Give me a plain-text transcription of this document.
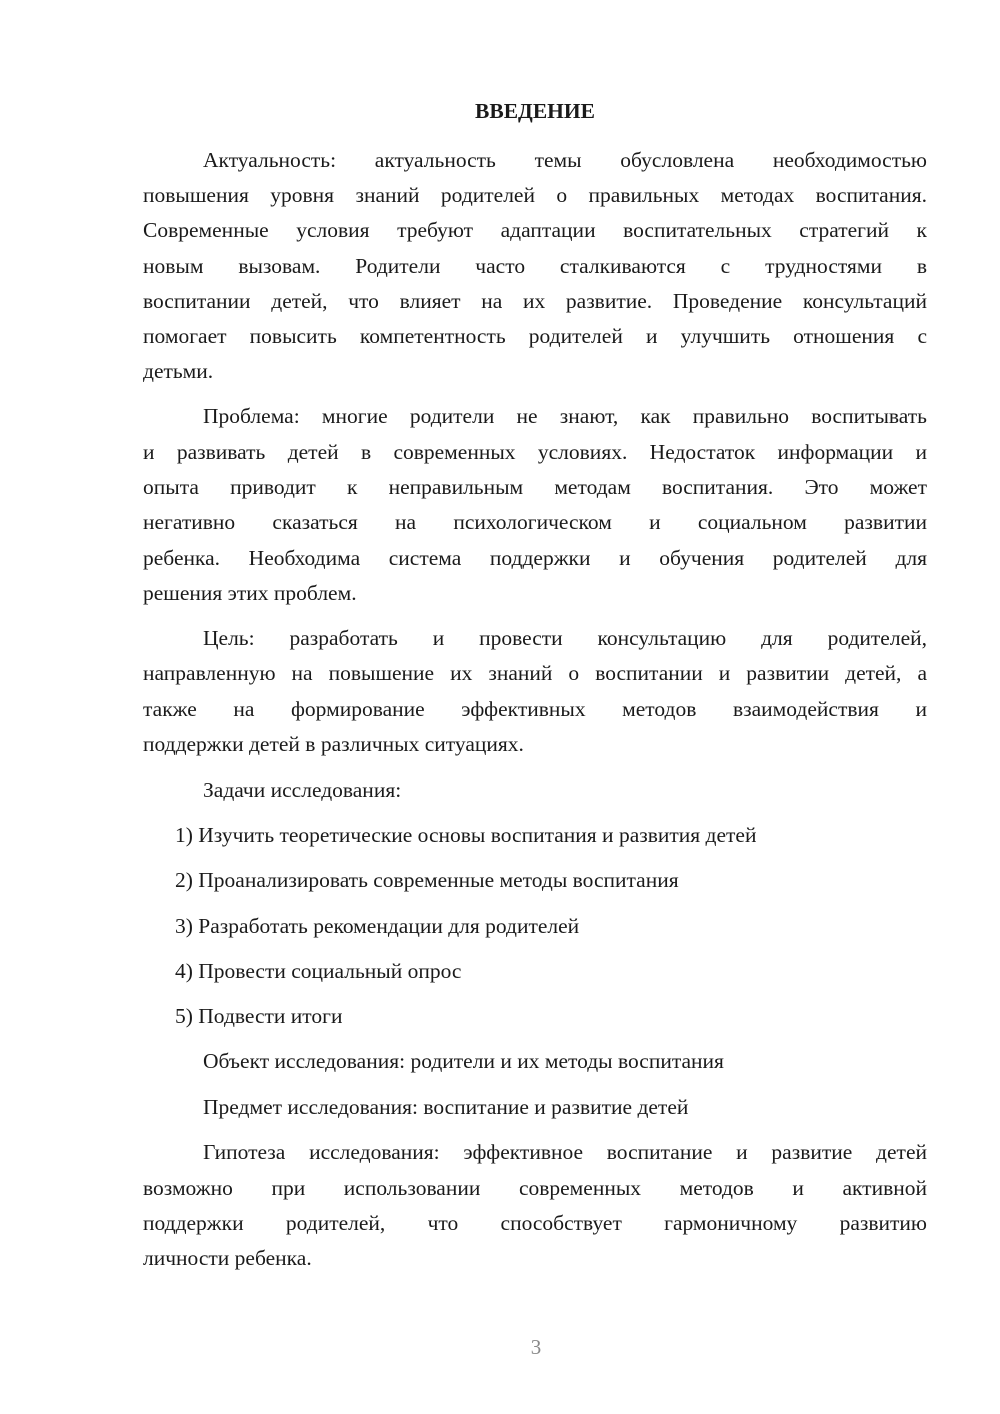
ВВЕДЕНИЕ
Актуальность: актуальность темы обусловлена необходимостью
повышения уровня знаний родителей о правильных методах воспитания.
Современные условия требуют адаптации воспитательных стратегий к
новым вызовам. Родители часто сталкиваются с трудностями в
воспитании детей, что влияет на их развитие. Проведение консультаций
помогает повысить компетентность родителей и улучшить отношения с
детьми.
Проблема: многие родители не знают, как правильно воспитывать
и развивать детей в современных условиях. Недостаток информации и
опыта приводит к неправильным методам воспитания. Это может
негативно сказаться на психологическом и социальном развитии
ребенка. Необходима система поддержки и обучения родителей для
решения этих проблем.
Цель: разработать и провести консультацию для родителей,
направленную на повышение их знаний о воспитании и развитии детей, а
также на формирование эффективных методов взаимодействия и
поддержки детей в различных ситуациях.
Задачи исследования:
1) Изучить теоретические основы воспитания и развития детей
2) Проанализировать современные методы воспитания
3) Разработать рекомендации для родителей
4) Провести социальный опрос
5) Подвести итоги
Объект исследования: родители и их методы воспитания
Предмет исследования: воспитание и развитие детей
Гипотеза исследования: эффективное воспитание и развитие детей
возможно при использовании современных методов и активной
поддержки родителей, что способствует гармоничному развитию
личности ребенка.
3
